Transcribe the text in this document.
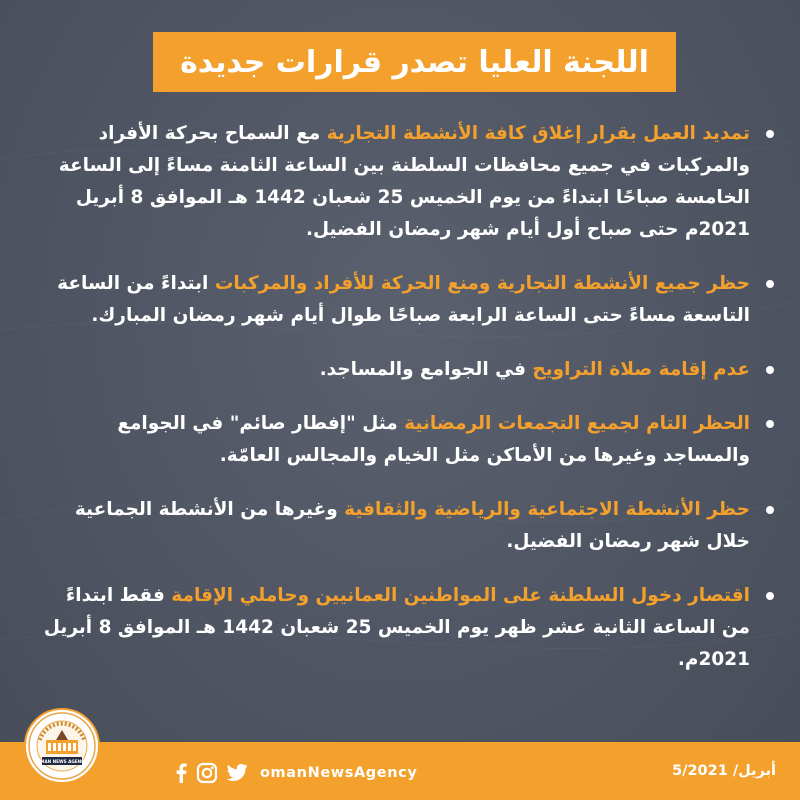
اللجنة العليا تصدر قرارات جديدة
تمديد العمل بقرار إغلاق كافة الأنشطة التجارية مع السماح بحركة الأفراد والمركبات في جميع محافظات السلطنة بين الساعة الثامنة مساءً إلى الساعة الخامسة صباحًا ابتداءً من يوم الخميس 25 شعبان 1442 هـ الموافق 8 أبريل 2021م حتى صباح أول أيام شهر رمضان الفضيل.
حظر جميع الأنشطة التجارية ومنع الحركة للأفراد والمركبات ابتداءً من الساعة التاسعة مساءً حتى الساعة الرابعة صباحًا طوال أيام شهر رمضان المبارك.
عدم إقامة صلاة التراويح في الجوامع والمساجد.
الحظر التام لجميع التجمعات الرمضانية مثل "إفطار صائم" في الجوامع والمساجد وغيرها من الأماكن مثل الخيام والمجالس العامّة.
حظر الأنشطة الاجتماعية والرياضية والثقافية وغيرها من الأنشطة الجماعية خلال شهر رمضان الفضيل.
اقتصار دخول السلطنة على المواطنين العمانيين وحاملي الإقامة فقط ابتداءً من الساعة الثانية عشر ظهر يوم الخميس 25 شعبان 1442 هـ الموافق 8 أبريل 2021م.
OMAN NEWS AGENCY
omanNewsAgency	5/أبريل/ 2021
